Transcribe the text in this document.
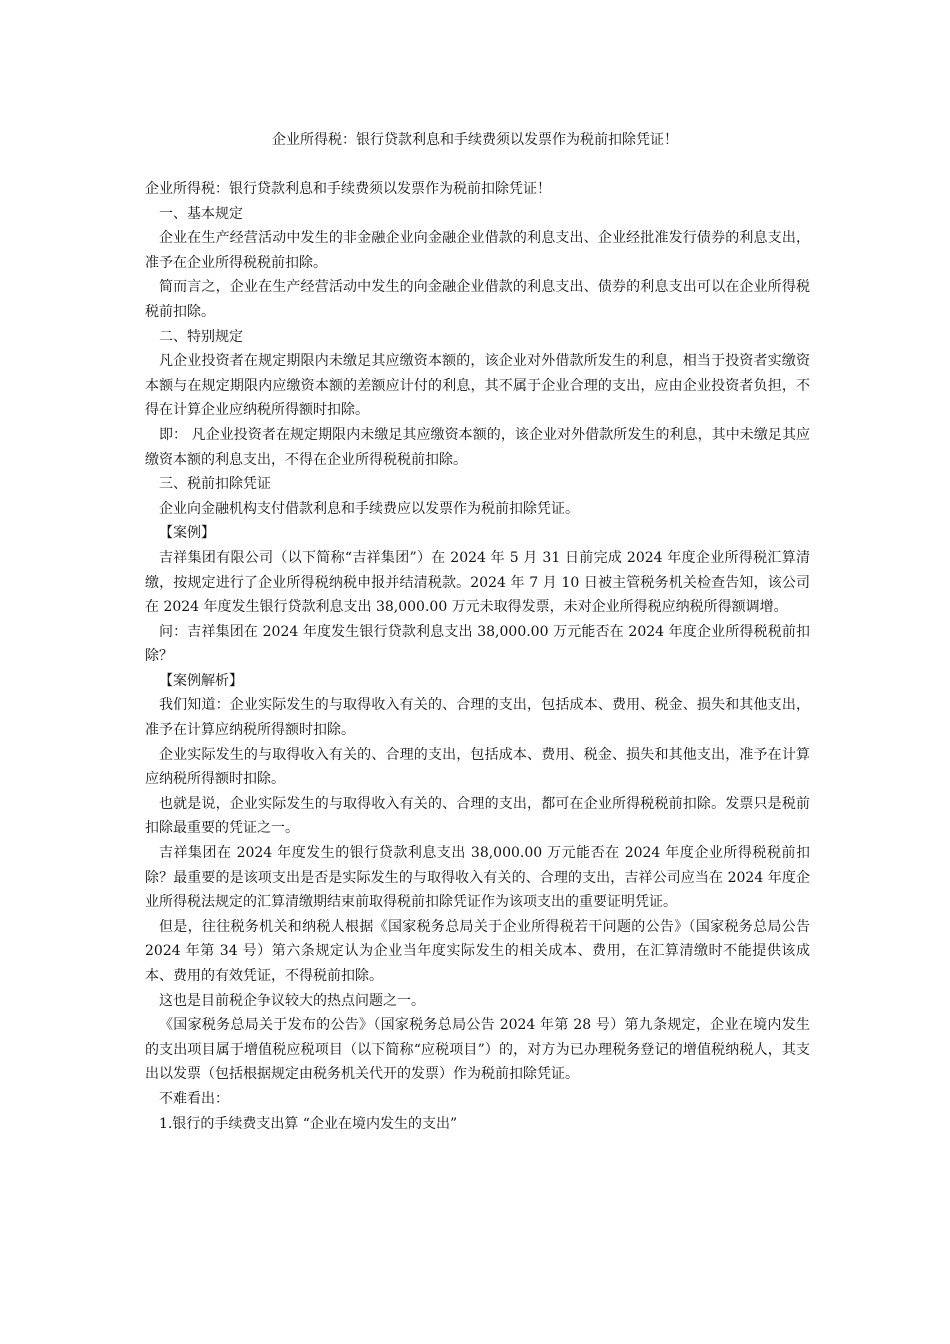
企业所得税：银行贷款利息和手续费须以发票作为税前扣除凭证！

企业所得税：银行贷款利息和手续费须以发票作为税前扣除凭证！

一、基本规定

企业在生产经营活动中发生的非金融企业向金融企业借款的利息支出、企业经批准发行债券的利息支出，准予在企业所得税税前扣除。

简而言之，企业在生产经营活动中发生的向金融企业借款的利息支出、债券的利息支出可以在企业所得税税前扣除。

二、特别规定

凡企业投资者在规定期限内未缴足其应缴资本额的，该企业对外借款所发生的利息，相当于投资者实缴资本额与在规定期限内应缴资本额的差额应计付的利息，其不属于企业合理的支出，应由企业投资者负担，不得在计算企业应纳税所得额时扣除。

即： 凡企业投资者在规定期限内未缴足其应缴资本额的，该企业对外借款所发生的利息，其中未缴足其应缴资本额的利息支出，不得在企业所得税税前扣除。

三、税前扣除凭证

企业向金融机构支付借款利息和手续费应以发票作为税前扣除凭证。

【案例】

吉祥集团有限公司（以下简称“吉祥集团”）在 2024 年 5 月 31 日前完成 2024 年度企业所得税汇算清缴，按规定进行了企业所得税纳税申报并结清税款。2024 年 7 月 10 日被主管税务机关检查告知，该公司在 2024 年度发生银行贷款利息支出 38,000.00 万元未取得发票，未对企业所得税应纳税所得额调增。

问：吉祥集团在 2024 年度发生银行贷款利息支出 38,000.00 万元能否在 2024 年度企业所得税税前扣除？

【案例解析】

我们知道：企业实际发生的与取得收入有关的、合理的支出，包括成本、费用、税金、损失和其他支出，准予在计算应纳税所得额时扣除。

企业实际发生的与取得收入有关的、合理的支出，包括成本、费用、税金、损失和其他支出，准予在计算应纳税所得额时扣除。

也就是说，企业实际发生的与取得收入有关的、合理的支出，都可在企业所得税税前扣除。发票只是税前扣除最重要的凭证之一。

吉祥集团在 2024 年度发生的银行贷款利息支出 38,000.00 万元能否在 2024 年度企业所得税税前扣除？最重要的是该项支出是否是实际发生的与取得收入有关的、合理的支出，吉祥公司应当在 2024 年度企业所得税法规定的汇算清缴期结束前取得税前扣除凭证作为该项支出的重要证明凭证。

但是，往往税务机关和纳税人根据《国家税务总局关于企业所得税若干问题的公告》（国家税务总局公告 2024 年第 34 号）第六条规定认为企业当年度实际发生的相关成本、费用，在汇算清缴时不能提供该成本、费用的有效凭证，不得税前扣除。

这也是目前税企争议较大的热点问题之一。

《国家税务总局关于发布的公告》（国家税务总局公告 2024 年第 28 号）第九条规定，企业在境内发生的支出项目属于增值税应税项目（以下简称“应税项目”）的，对方为已办理税务登记的增值税纳税人，其支出以发票（包括根据规定由税务机关代开的发票）作为税前扣除凭证。

不难看出：

1.银行的手续费支出算 “企业在境内发生的支出”
